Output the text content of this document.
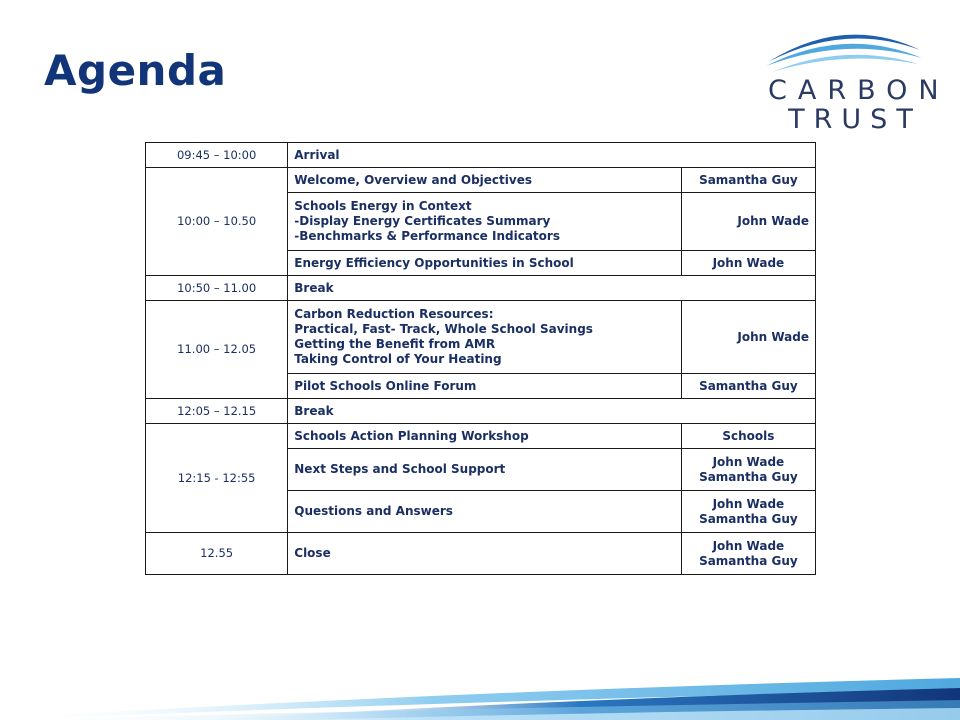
Agenda	CARBON
TRUST
09:45 – 10:00	Arrival	
10:00 – 10.50	Welcome, Overview and Objectives	Samantha Guy

	Schools Energy in Context
-Display Energy Certificates Summary
-Benchmarks & Performance Indicators	John Wade
	Energy Efficiency Opportunities in School	John Wade
10:50 – 11.00	Break	
11.00 – 12.05	Carbon Reduction Resources:
Practical, Fast- Track, Whole School Savings
Getting the Benefit from AMR
Taking Control of Your Heating	John Wade
	Pilot Schools Online Forum	Samantha Guy
12:05 – 12.15	Break	
12:15 - 12:55	Schools Action Planning Workshop	Schools
	Next Steps and School Support	John Wade
Samantha Guy

	Questions and Answers	John Wade
Samantha Guy

12.55	Close	John Wade
Samantha Guy
